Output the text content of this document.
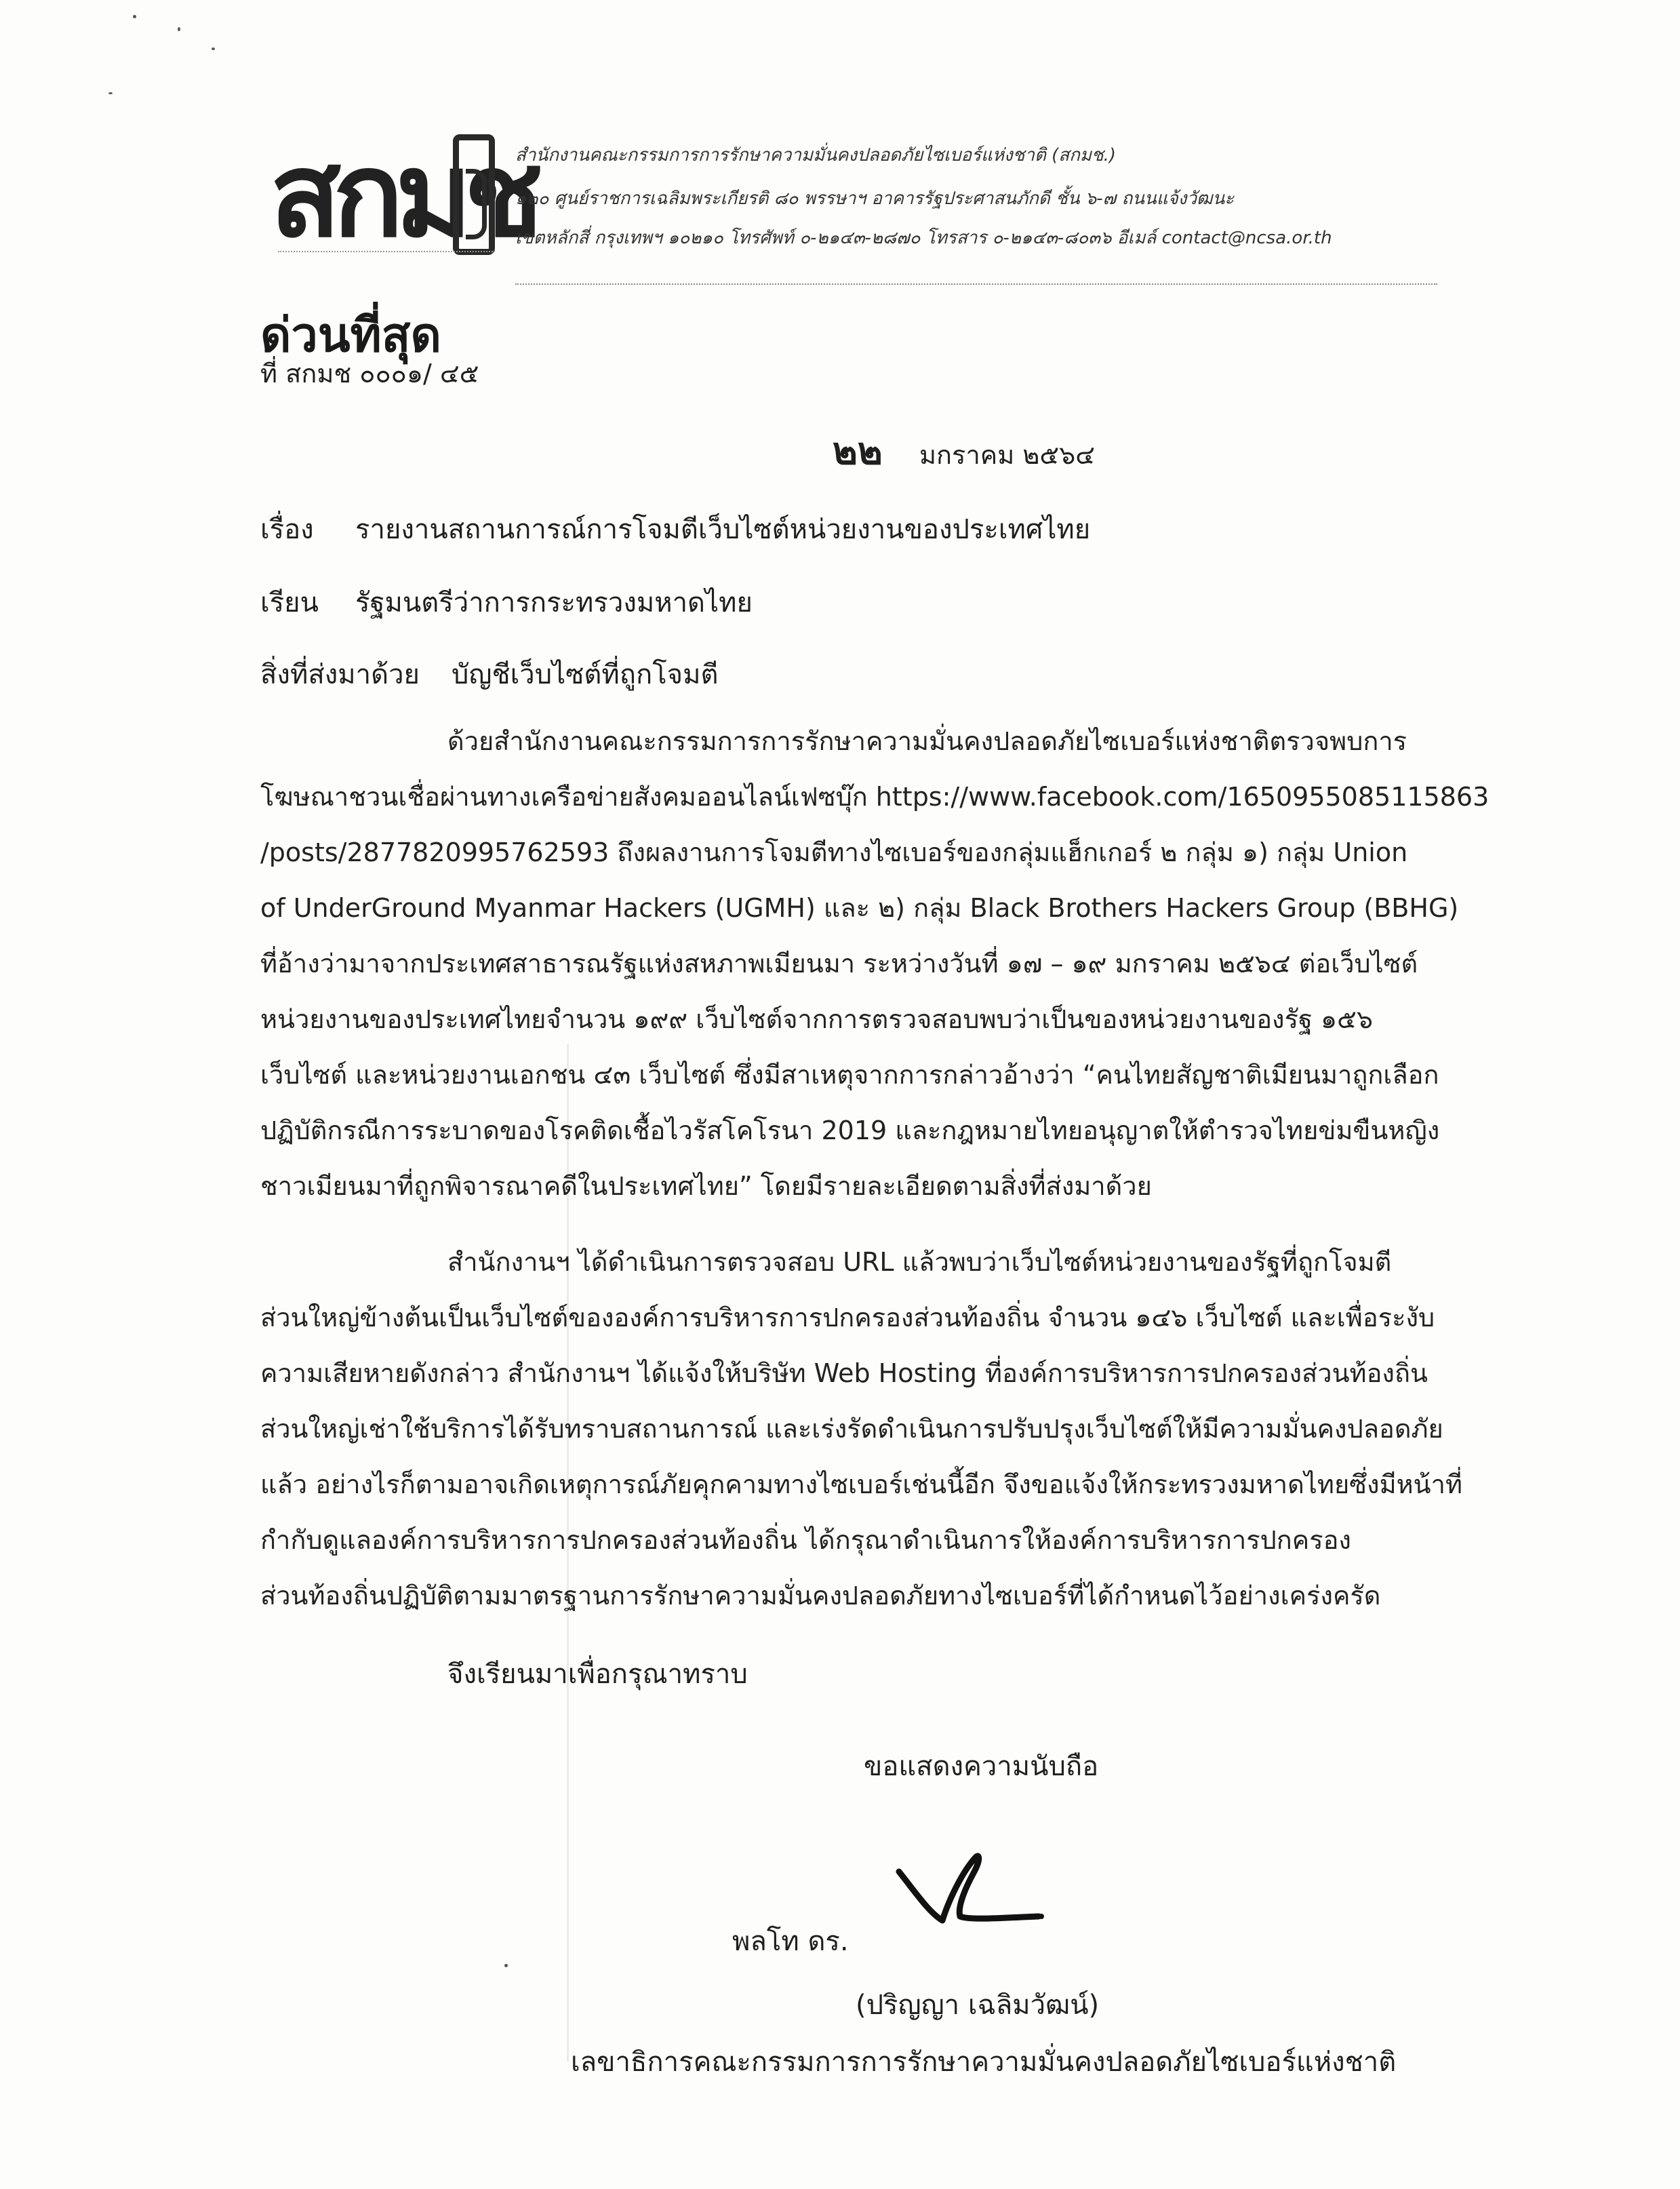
สกมช
สำนักงานคณะกรรมการการรักษาความมั่นคงปลอดภัยไซเบอร์แห่งชาติ (สกมช.)
๑๒๐ ศูนย์ราชการเฉลิมพระเกียรติ ๘๐ พรรษาฯ อาคารรัฐประศาสนภักดี ชั้น ๖-๗ ถนนแจ้งวัฒนะ
เขตหลักสี่ กรุงเทพฯ ๑๐๒๑๐ โทรศัพท์ ๐-๒๑๔๓-๒๘๗๐ โทรสาร ๐-๒๑๔๓-๘๐๓๖ อีเมล์ contact@ncsa.or.th
ด่วนที่สุด
ที่ สกมช ๐๐๐๑/ ๔๕
๒๒ มกราคม ๒๕๖๔
เรื่อง รายงานสถานการณ์การโจมตีเว็บไซต์หน่วยงานของประเทศไทย
เรียน รัฐมนตรีว่าการกระทรวงมหาดไทย
สิ่งที่ส่งมาด้วย บัญชีเว็บไซต์ที่ถูกโจมตี
ด้วยสำนักงานคณะกรรมการการรักษาความมั่นคงปลอดภัยไซเบอร์แห่งชาติตรวจพบการ
โฆษณาชวนเชื่อผ่านทางเครือข่ายสังคมออนไลน์เฟซบุ๊ก https://www.facebook.com/1650955085115863
/posts/2877820995762593 ถึงผลงานการโจมตีทางไซเบอร์ของกลุ่มแฮ็กเกอร์ ๒ กลุ่ม ๑) กลุ่ม Union
of UnderGround Myanmar Hackers (UGMH) และ ๒) กลุ่ม Black Brothers Hackers Group (BBHG)
ที่อ้างว่ามาจากประเทศสาธารณรัฐแห่งสหภาพเมียนมา ระหว่างวันที่ ๑๗ – ๑๙ มกราคม ๒๕๖๔ ต่อเว็บไซต์
หน่วยงานของประเทศไทยจำนวน ๑๙๙ เว็บไซต์จากการตรวจสอบพบว่าเป็นของหน่วยงานของรัฐ ๑๕๖
เว็บไซต์ และหน่วยงานเอกชน ๔๓ เว็บไซต์ ซึ่งมีสาเหตุจากการกล่าวอ้างว่า “คนไทยสัญชาติเมียนมาถูกเลือก
ปฏิบัติกรณีการระบาดของโรคติดเชื้อไวรัสโคโรนา 2019 และกฎหมายไทยอนุญาตให้ตำรวจไทยข่มขืนหญิง
ชาวเมียนมาที่ถูกพิจารณาคดีในประเทศไทย” โดยมีรายละเอียดตามสิ่งที่ส่งมาด้วย
สำนักงานฯ ได้ดำเนินการตรวจสอบ URL แล้วพบว่าเว็บไซต์หน่วยงานของรัฐที่ถูกโจมตี
ส่วนใหญ่ข้างต้นเป็นเว็บไซต์ขององค์การบริหารการปกครองส่วนท้องถิ่น จำนวน ๑๔๖ เว็บไซต์ และเพื่อระงับ
ความเสียหายดังกล่าว สำนักงานฯ ได้แจ้งให้บริษัท Web Hosting ที่องค์การบริหารการปกครองส่วนท้องถิ่น
ส่วนใหญ่เช่าใช้บริการได้รับทราบสถานการณ์ และเร่งรัดดำเนินการปรับปรุงเว็บไซต์ให้มีความมั่นคงปลอดภัย
แล้ว อย่างไรก็ตามอาจเกิดเหตุการณ์ภัยคุกคามทางไซเบอร์เช่นนี้อีก จึงขอแจ้งให้กระทรวงมหาดไทยซึ่งมีหน้าที่
กำกับดูแลองค์การบริหารการปกครองส่วนท้องถิ่น ได้กรุณาดำเนินการให้องค์การบริหารการปกครอง
ส่วนท้องถิ่นปฏิบัติตามมาตรฐานการรักษาความมั่นคงปลอดภัยทางไซเบอร์ที่ได้กำหนดไว้อย่างเคร่งครัด
จึงเรียนมาเพื่อกรุณาทราบ
ขอแสดงความนับถือ
พลโท ดร.
(ปริญญา เฉลิมวัฒน์)
เลขาธิการคณะกรรมการการรักษาความมั่นคงปลอดภัยไซเบอร์แห่งชาติ
